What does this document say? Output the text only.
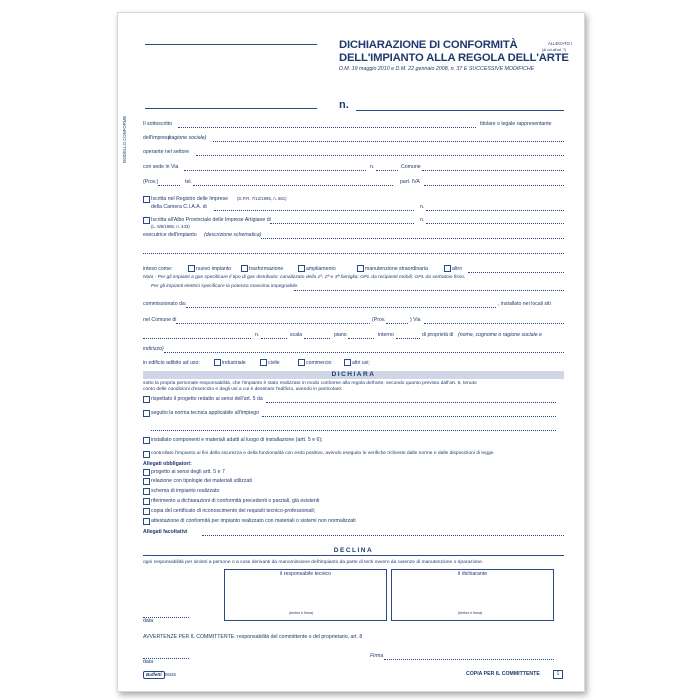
DICHIARAZIONE DI CONFORMITÀ
DELL'IMPIANTO ALLA REGOLA DELL'ARTE
D.M. 19 maggio 2010 e D.M. 22 gennaio 2008, n. 37 E SUCCESSIVE MODIFICHE
ALLEGATO I
(di cui all'art. 7)
n.
MODELLO CONFORME	Il sottoscritto	titolare o legale rappresentante
dell'impresa
(ragione sociale)
operante nel settore
con sede in Via	n.	Comune
(Prov.)	tel.	part. IVA
Iscritta nel Registro delle Imprese (D.P.R. 7/12/1995, n. 581)
della Camera C.I.A.A. di	n.
Iscritta all'Albo Provinciale delle Imprese Artigiane di	n.
(L. 8/8/1985, n. 443)
esecutrice dell'impianto (descrizione schematica)
inteso come:	nuovo impianto	trasformazione	ampliamento	manutenzione straordinaria	altro
Nota - Per gli impianti a gas specificare il tipo di gas distribuito: canalizzato della 1ª, 2ª e 3ª famiglia; GPL da recipienti mobili; GPL da serbatoio fisso.
Per gli impianti elettrici specificare la potenza massima impegnabile.
commissionato da:	, installato nei locali siti
nel Comune di	(Prov.	) Via
n.	scala	piano	interno	di proprietà di (nome, cognome o ragione sociale e
indirizzo)
in edificio adibito ad uso:	industriale	civile	commercio	altri usi;
DICHIARA
sotto la propria personale responsabilità, che l'impianto è stato realizzato in modo conforme alla regola dell'arte, secondo quanto previsto dall'art. 6, tenuto
conto delle condizioni d'esercizio e degli usi a cui è destinato l'edificio, avendo in particolare:
rispettato il progetto redatto ai sensi dell'art. 5 da
seguito la norma tecnica applicabile all'impiego
installato componenti e materiali adatti al luogo di installazione (artt. 5 e 6);
controllato l'impianto ai fini della sicurezza e della funzionalità con esito positivo, avendo eseguito le verifiche richieste dalle norme e dalle disposizioni di legge.
Allegati obbligatori:
progetto ai sensi degli artt. 5 e 7
relazione con tipologie dei materiali utilizzati
schema di impianto realizzato
riferimento a dichiarazioni di conformità precedenti o parziali, già esistenti
copia del certificato di riconoscimento dei requisiti tecnico-professionali;
attestazione di conformità per impianto realizzato con materiali o sistemi non normalizzati
Allegati facoltativi
DECLINA
ogni responsabilità per sinistri a persone o a cose derivanti da manomissione dell'impianto da parte di terzi ovvero da carenze di manutenzione o riparazione.
il responsabile tecnico
(timbro e firma)
il dichiarante
(timbro e firma)
data
AVVERTENZE PER IL COMMITTENTE: responsabilità del committente o del proprietario, art. 8
data
Firma
Buffetti 88425	COPIA PER IL COMMITTENTE	1
